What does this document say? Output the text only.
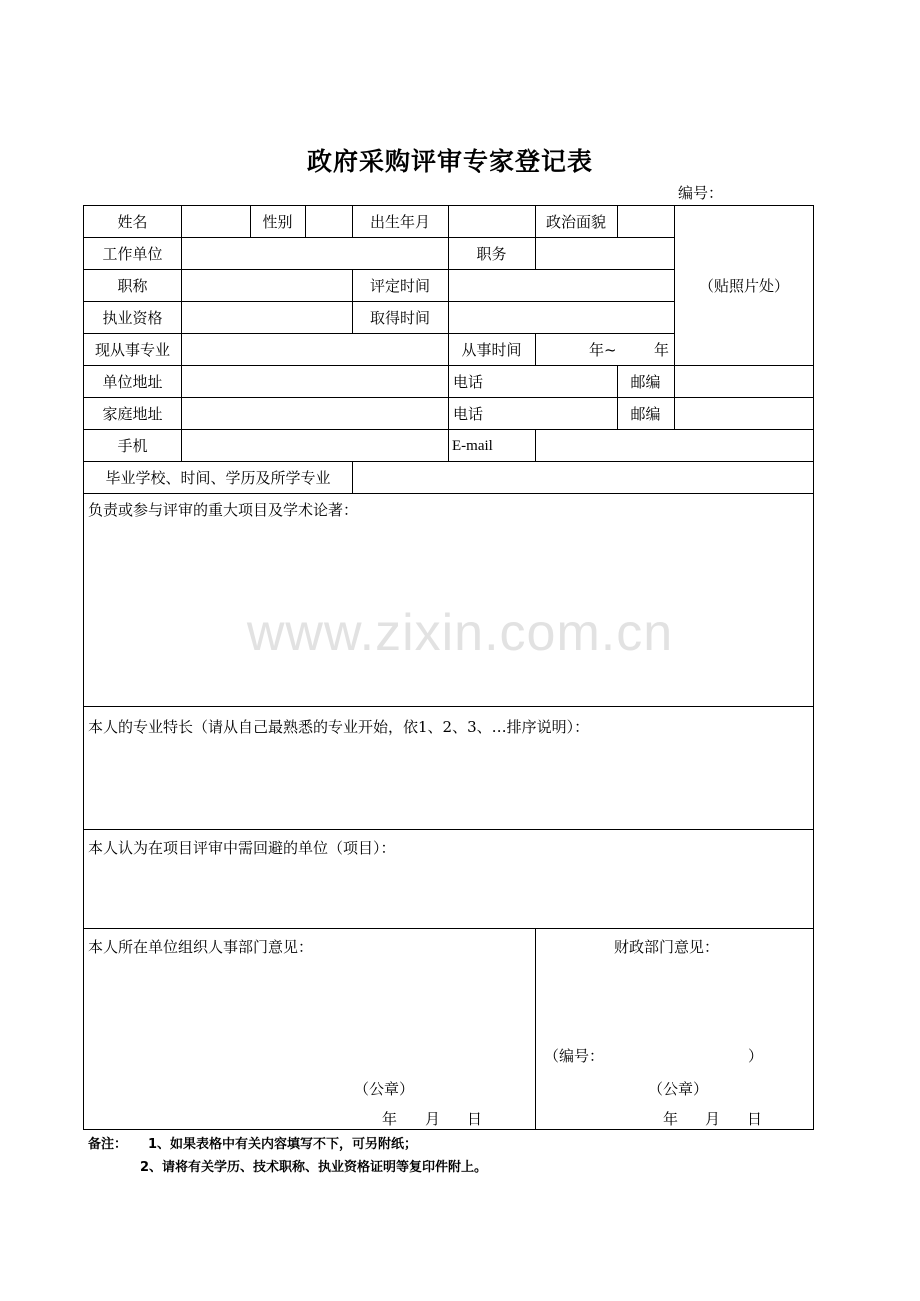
政府采购评审专家登记表
编号：
www.zixin.com.cn
姓名	性别	出生年月	政治面貌
（贴照片处）
工作单位	职务
职称	评定时间
执业资格	取得时间
现从事专业	从事时间	年~ 年
单位地址	电话	邮编
家庭地址	电话	邮编
手机	E-mail
毕业学校、时间、学历及所学专业
负责或参与评审的重大项目及学术论著：
本人的专业特长（请从自己最熟悉的专业开始，依1、2、3、…排序说明）：
本人认为在项目评审中需回避的单位（项目）：
本人所在单位组织人事部门意见：	财政部门意见：
（编号：	）
（公章）	（公章）
年 月 日	年 月 日
备注： 1、如果表格中有关内容填写不下，可另附纸；
2、请将有关学历、技术职称、执业资格证明等复印件附上。
